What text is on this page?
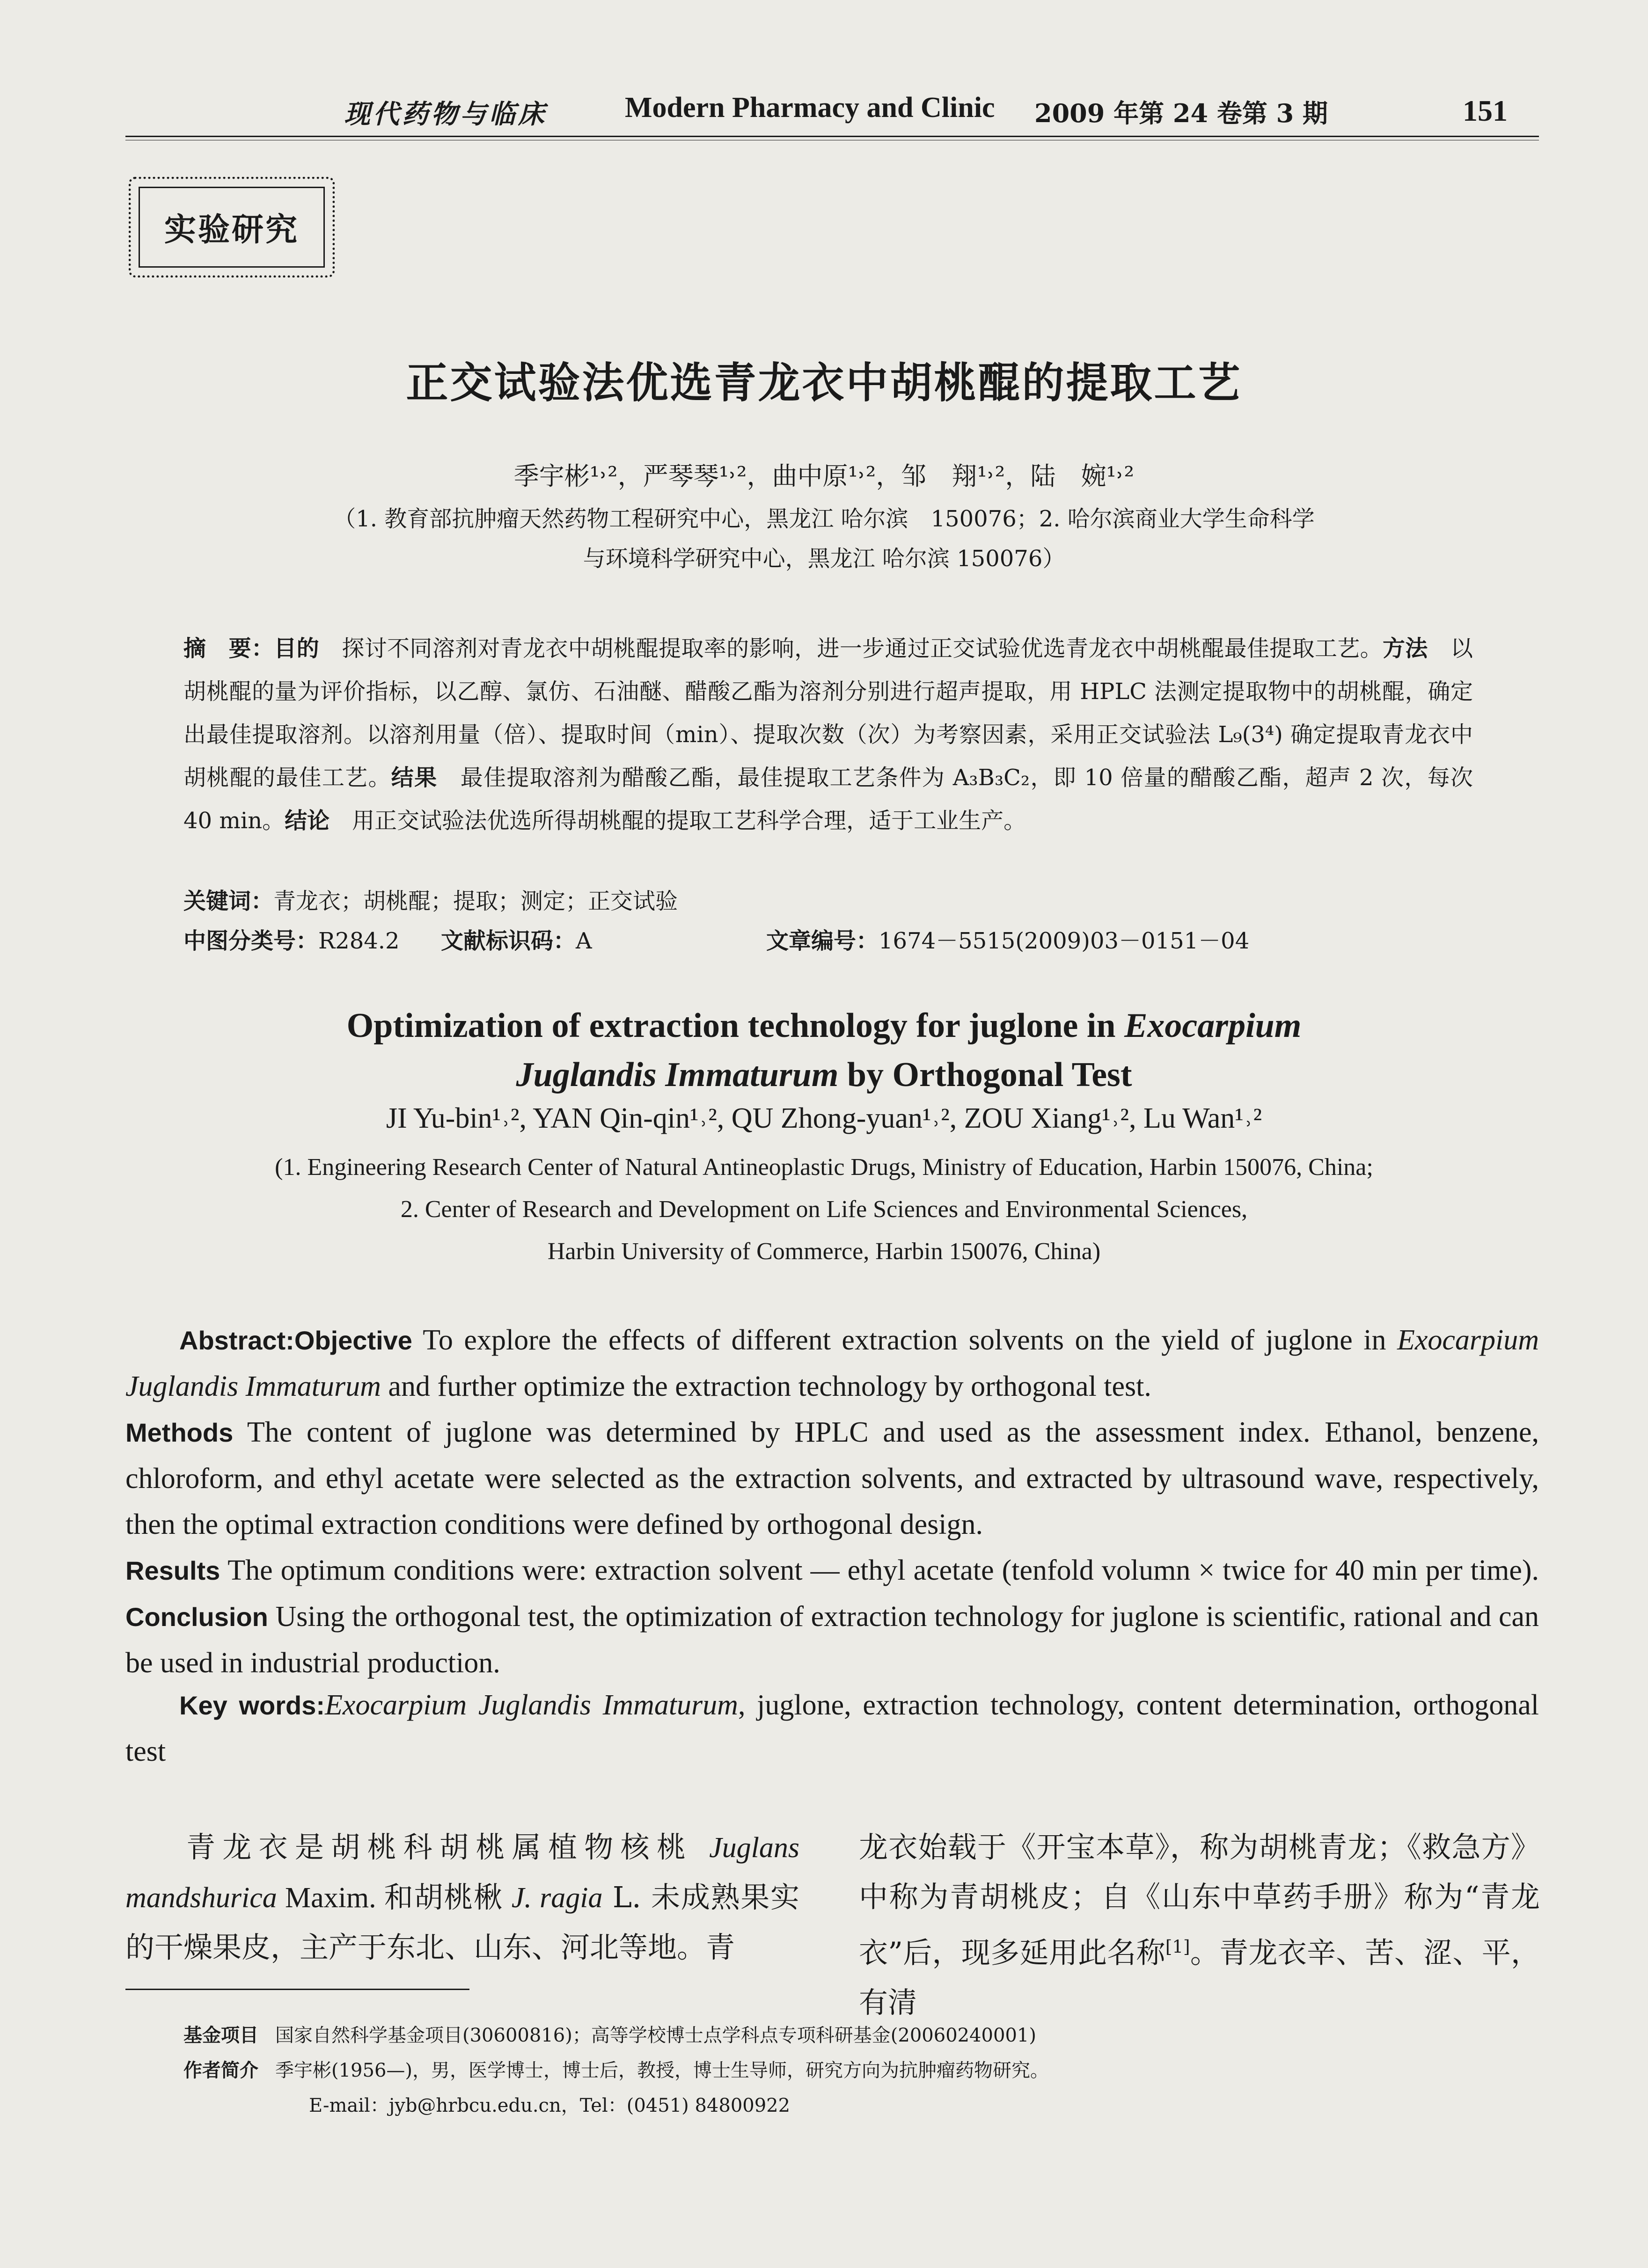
现代药物与临床	Modern Pharmacy and Clinic 2009 年第 24 卷第 3 期	151
实验研究
正交试验法优选青龙衣中胡桃醌的提取工艺
季宇彬¹˒²，严琴琴¹˒²，曲中原¹˒²，邹　翔¹˒²，陆　婉¹˒²
（1. 教育部抗肿瘤天然药物工程研究中心，黑龙江 哈尔滨　150076；2. 哈尔滨商业大学生命科学
与环境科学研究中心，黑龙江 哈尔滨 150076）
摘　要：目的　探讨不同溶剂对青龙衣中胡桃醌提取率的影响，进一步通过正交试验优选青龙衣中胡桃醌最佳提取工艺。方法　以胡桃醌的量为评价指标，以乙醇、氯仿、石油醚、醋酸乙酯为溶剂分别进行超声提取，用 HPLC 法测定提取物中的胡桃醌，确定出最佳提取溶剂。以溶剂用量（倍）、提取时间（min）、提取次数（次）为考察因素，采用正交试验法 L₉(3⁴) 确定提取青龙衣中胡桃醌的最佳工艺。结果　最佳提取溶剂为醋酸乙酯，最佳提取工艺条件为 A₃B₃C₂，即 10 倍量的醋酸乙酯，超声 2 次，每次 40 min。结论　用正交试验法优选所得胡桃醌的提取工艺科学合理，适于工业生产。
关键词：青龙衣；胡桃醌；提取；测定；正交试验
中图分类号：R284.2 文献标识码：A	文章编号：1674－5515(2009)03－0151－04
Optimization of extraction technology for juglone in Exocarpium
Juglandis Immaturum by Orthogonal Test
JI Yu-bin¹˒², YAN Qin-qin¹˒², QU Zhong-yuan¹˒², ZOU Xiang¹˒², Lu Wan¹˒²
(1. Engineering Research Center of Natural Antineoplastic Drugs, Ministry of Education, Harbin 150076, China;
2. Center of Research and Development on Life Sciences and Environmental Sciences,
Harbin University of Commerce, Harbin 150076, China)
Abstract:Objective To explore the effects of different extraction solvents on the yield of juglone in Exocarpium Juglandis Immaturum and further optimize the extraction technology by orthogonal test.
Methods The content of juglone was determined by HPLC and used as the assessment index. Ethanol, benzene, chloroform, and ethyl acetate were selected as the extraction solvents, and extracted by ultrasound wave, respectively, then the optimal extraction conditions were defined by orthogonal design.
Results The optimum conditions were: extraction solvent — ethyl acetate (tenfold volumn × twice for 40 min per time). Conclusion Using the orthogonal test, the optimization of extraction technology for juglone is scientific, rational and can be used in industrial production.
Key words:Exocarpium Juglandis Immaturum, juglone, extraction technology, content determination, orthogonal test
青龙衣是胡桃科胡桃属植物核桃 Juglans mandshurica Maxim. 和胡桃楸 J. ragia L. 未成熟果实的干燥果皮，主产于东北、山东、河北等地。青
龙衣始载于《开宝本草》，称为胡桃青龙；《救急方》中称为青胡桃皮；自《山东中草药手册》称为“青龙衣”后，现多延用此名称[1]。青龙衣辛、苦、涩、平，有清
基金项目 国家自然科学基金项目(30600816)；高等学校博士点学科点专项科研基金(20060240001)
作者简介 季宇彬(1956—)，男，医学博士，博士后，教授，博士生导师，研究方向为抗肿瘤药物研究。
E-mail：jyb@hrbcu.edu.cn，Tel：(0451) 84800922
